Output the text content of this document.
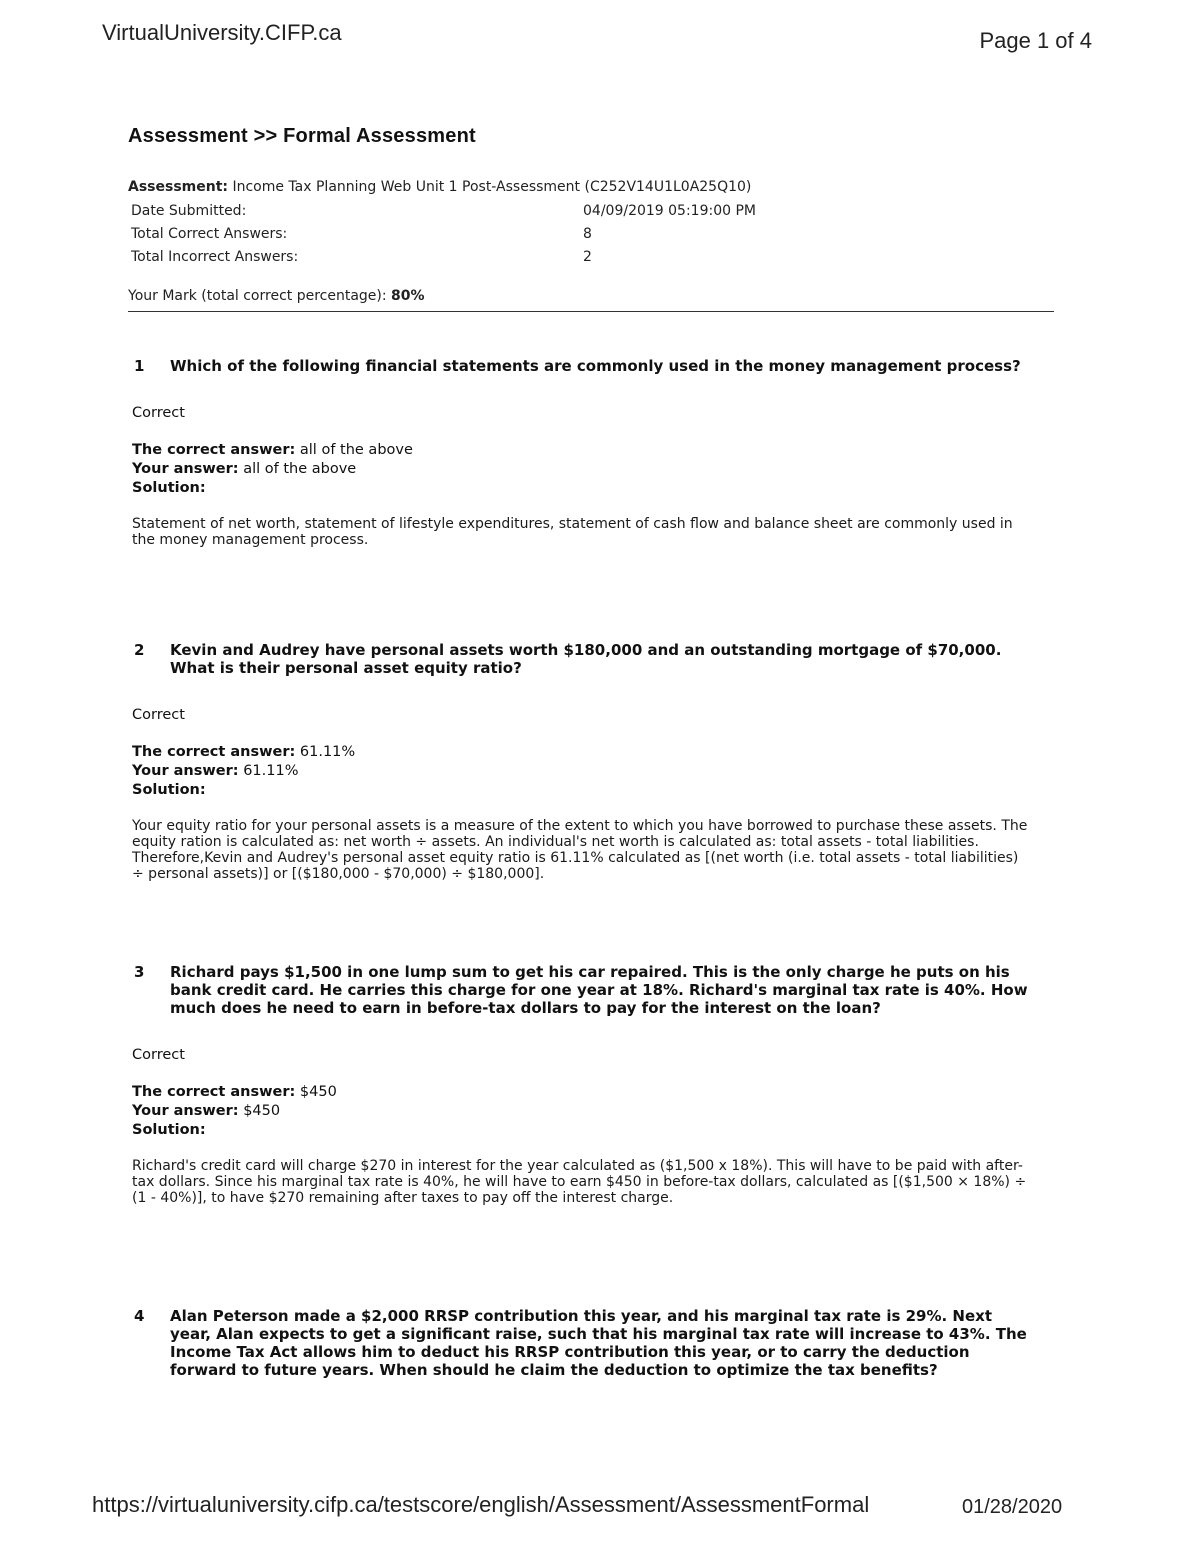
VirtualUniversity.CIFP.ca	Page 1 of 4
Assessment >> Formal Assessment
Assessment: Income Tax Planning Web Unit 1 Post-Assessment (C252V14U1L0A25Q10)
Date Submitted:	04/09/2019 05:19:00 PM
Total Correct Answers:	8
Total Incorrect Answers:	2
Your Mark (total correct percentage): 80%
1	Which of the following financial statements are commonly used in the money management process?
Correct
The correct answer: all of the above
Your answer: all of the above
Solution:
Statement of net worth, statement of lifestyle expenditures, statement of cash flow and balance sheet are commonly used in the money management process.
2	Kevin and Audrey have personal assets worth $180,000 and an outstanding mortgage of $70,000. What is their personal asset equity ratio?
Correct
The correct answer: 61.11%
Your answer: 61.11%
Solution:
Your equity ratio for your personal assets is a measure of the extent to which you have borrowed to purchase these assets. The equity ration is calculated as: net worth ÷ assets. An individual's net worth is calculated as: total assets - total liabilities. Therefore,Kevin and Audrey's personal asset equity ratio is 61.11% calculated as [(net worth (i.e. total assets - total liabilities) ÷ personal assets)] or [($180,000 - $70,000) ÷ $180,000].
3	Richard pays $1,500 in one lump sum to get his car repaired. This is the only charge he puts on his bank credit card. He carries this charge for one year at 18%. Richard's marginal tax rate is 40%. How much does he need to earn in before-tax dollars to pay for the interest on the loan?
Correct
The correct answer: $450
Your answer: $450
Solution:
Richard's credit card will charge $270 in interest for the year calculated as ($1,500 x 18%). This will have to be paid with after-tax dollars. Since his marginal tax rate is 40%, he will have to earn $450 in before-tax dollars, calculated as [($1,500 × 18%) ÷ (1 - 40%)], to have $270 remaining after taxes to pay off the interest charge.
4	Alan Peterson made a $2,000 RRSP contribution this year, and his marginal tax rate is 29%. Next year, Alan expects to get a significant raise, such that his marginal tax rate will increase to 43%. The Income Tax Act allows him to deduct his RRSP contribution this year, or to carry the deduction forward to future years. When should he claim the deduction to optimize the tax benefits?
https://virtualuniversity.cifp.ca/testscore/english/Assessment/AssessmentFormal	01/28/2020
